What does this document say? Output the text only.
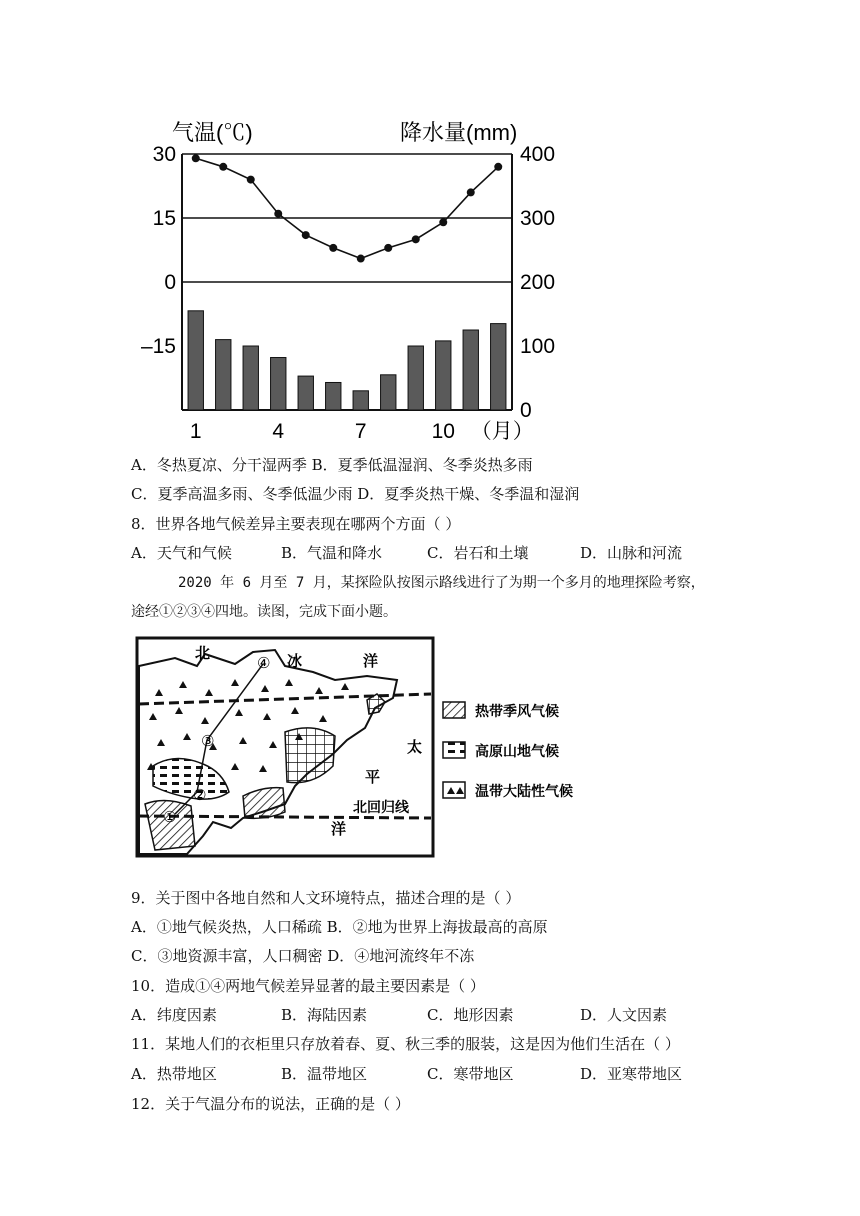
气温(℃)	降水量(mm)
30
15
0
–15
400
300
200
100
0
1	4	7	10 （月）
A．冬热夏凉、分干湿两季 B．夏季低温湿润、冬季炎热多雨
C．夏季高温多雨、冬季低温少雨 D．夏季炎热干燥、冬季温和湿润
8．世界各地气候差异主要表现在哪两个方面（ ）
A．天气和气候	B．气温和降水	C．岩石和土壤	D．山脉和河流
2020 年 6 月至 7 月，某探险队按图示路线进行了为期一个多月的地理探险考察，
途经①②③④四地。读图，完成下面小题。
北	冰	洋
太
平
洋
北回归线
①
②
③
④
热带季风气候
高原山地气候
温带大陆性气候
9．关于图中各地自然和人文环境特点，描述合理的是（ ）
A．①地气候炎热，人口稀疏 B．②地为世界上海拔最高的高原
C．③地资源丰富，人口稠密 D．④地河流终年不冻
10．造成①④两地气候差异显著的最主要因素是（ ）
A．纬度因素	B．海陆因素	C．地形因素	D．人文因素
11．某地人们的衣柜里只存放着春、夏、秋三季的服装，这是因为他们生活在（ ）
A．热带地区	B．温带地区	C．寒带地区	D．亚寒带地区
12．关于气温分布的说法，正确的是（ ）
